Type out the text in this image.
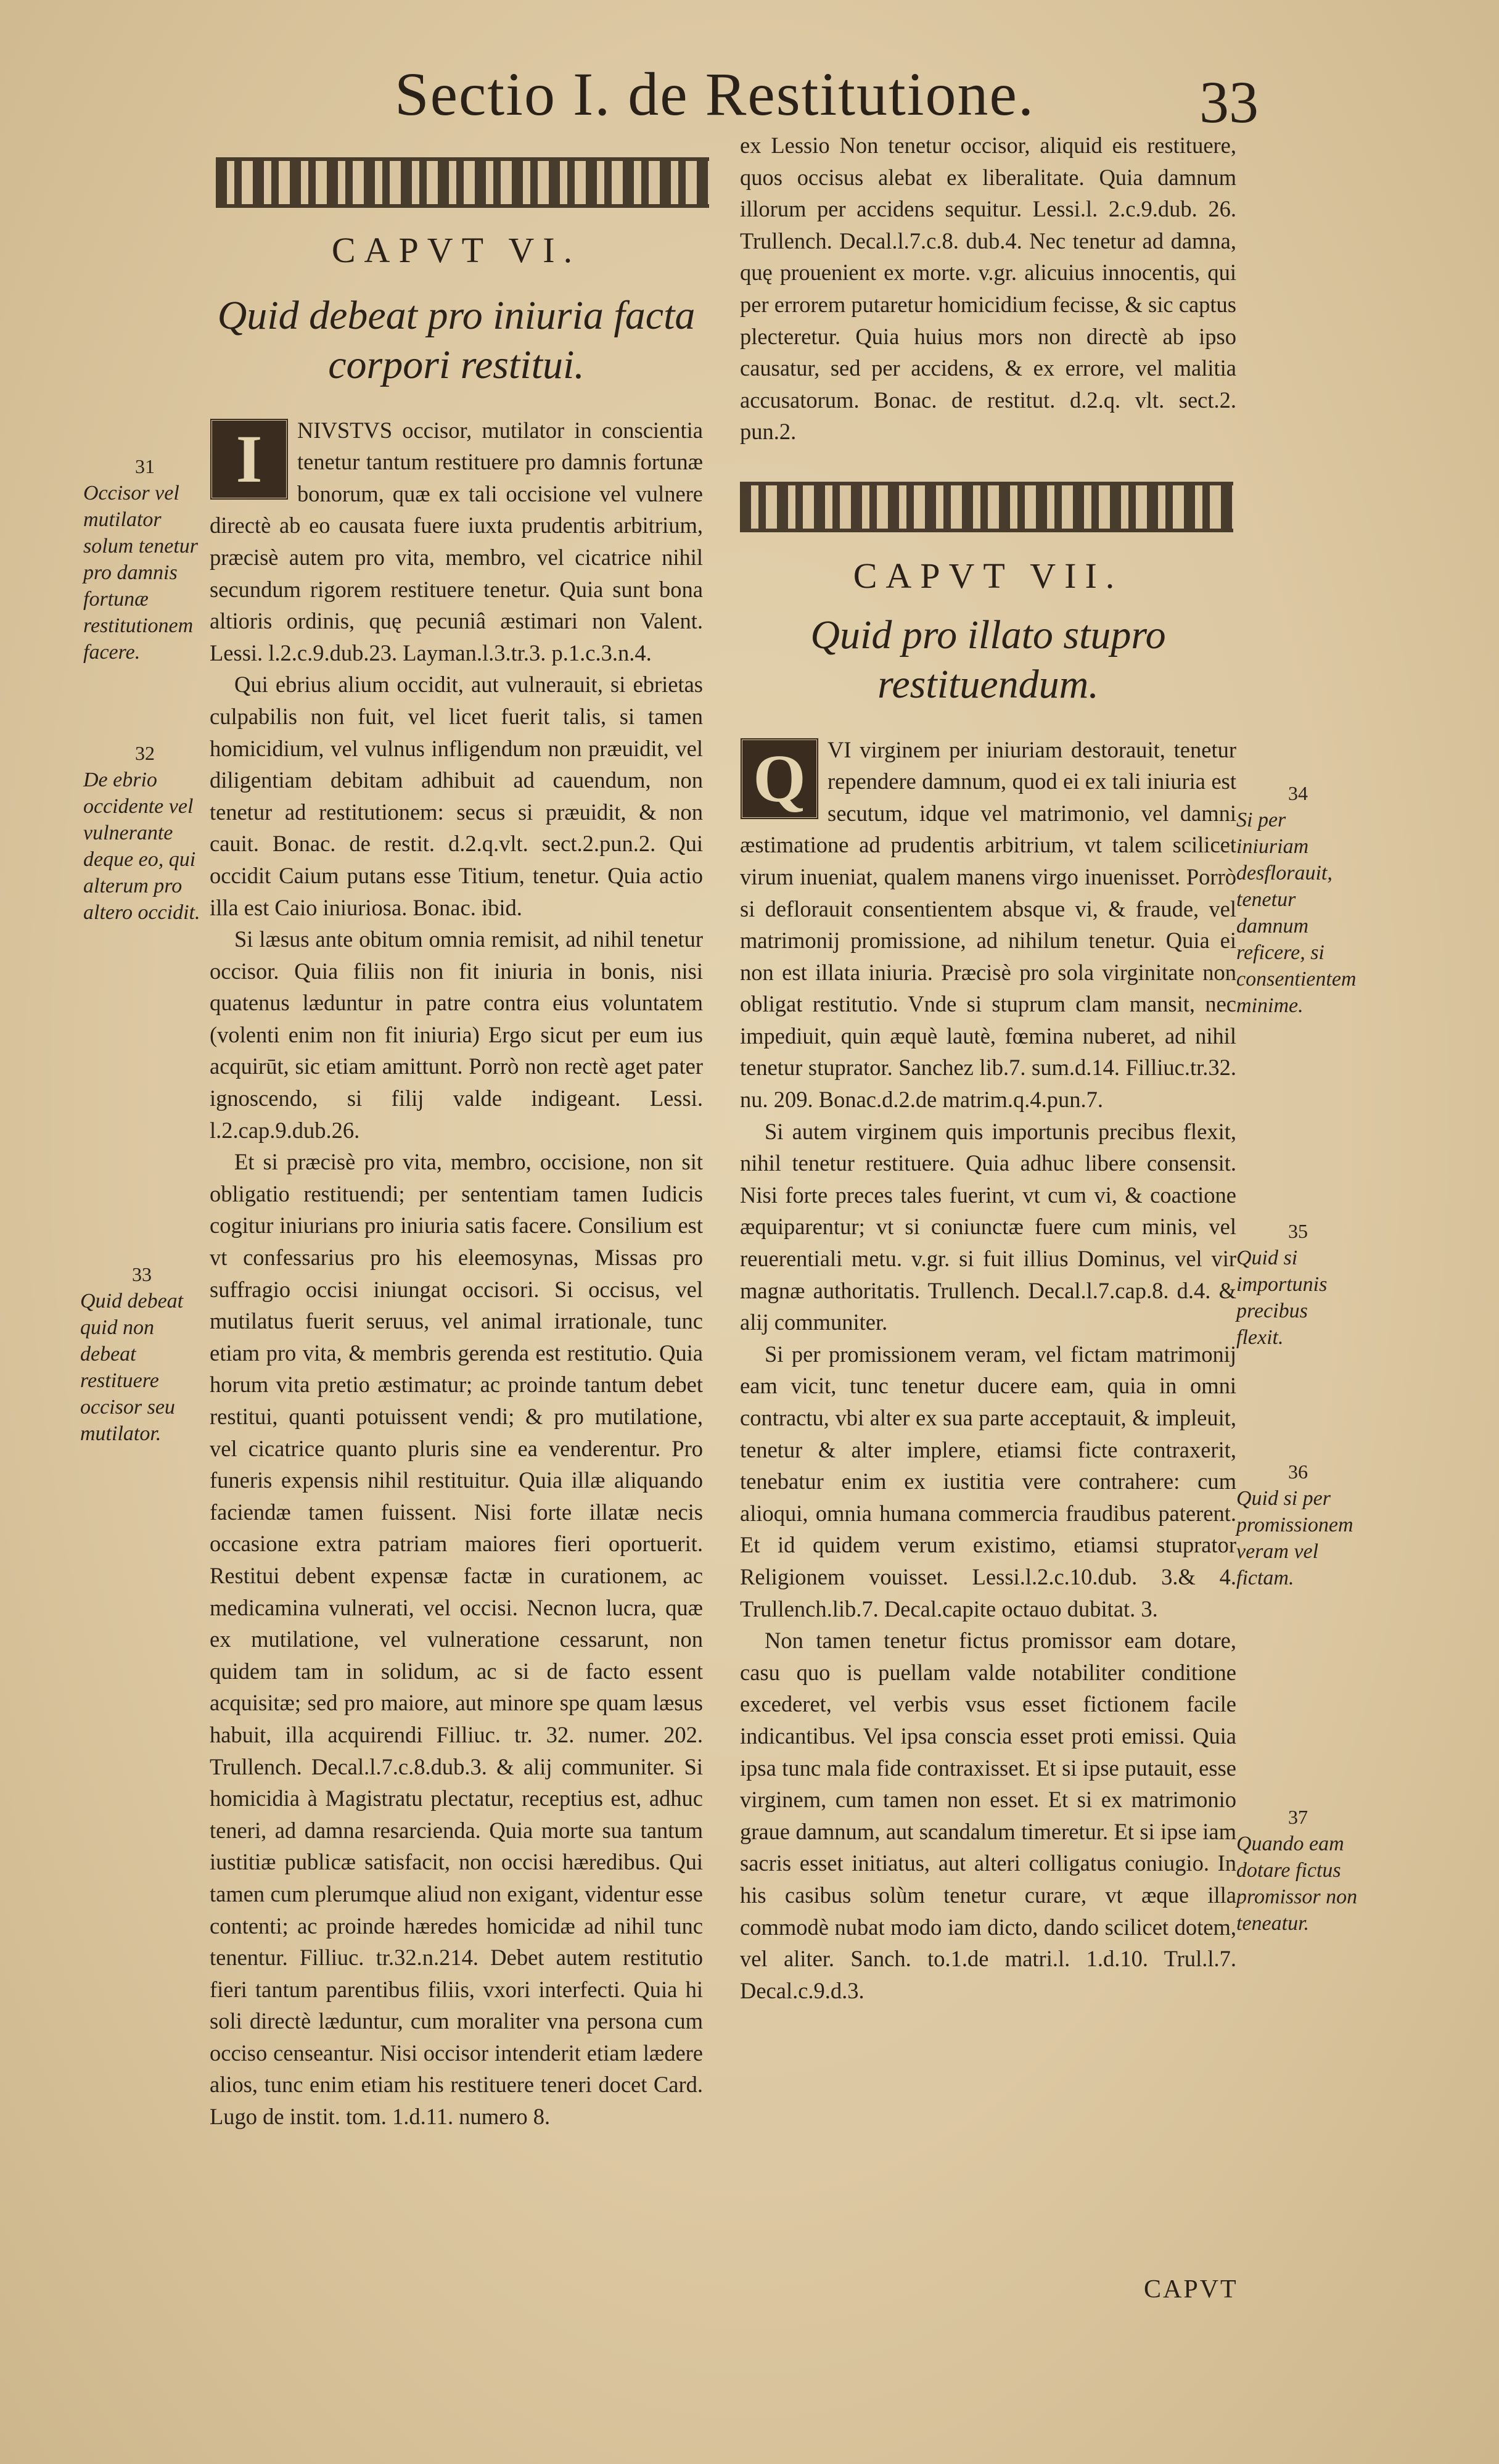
Sectio I. de Restitutione.	33

CAPVT VI.

Quid debeat pro iniuria facta corpori restitui.

I	NIVSTVS occisor, mutilator in conscientia tenetur tantum restituere pro damnis fortunæ bonorum, quæ ex tali occisione vel vulnere directè ab eo causata fuere iuxta prudentis arbitrium, præcisè autem pro vita, membro, vel cicatrice nihil secundum rigorem restituere tenetur. Quia sunt bona altioris ordinis, quę pecuniâ æstimari non Valent. Lessi. l.2.c.9.dub.23. Layman.l.3.tr.3. p.1.c.3.n.4.

Qui ebrius alium occidit, aut vulnerauit, si ebrietas culpabilis non fuit, vel licet fuerit talis, si tamen homicidium, vel vulnus infligendum non præuidit, vel diligentiam debitam adhibuit ad cauendum, non tenetur ad restitutionem: secus si præuidit, & non cauit. Bonac. de restit. d.2.q.vlt. sect.2.pun.2. Qui occidit Caium putans esse Titium, tenetur. Quia actio illa est Caio iniuriosa. Bonac. ibid.

Si læsus ante obitum omnia remisit, ad nihil tenetur occisor. Quia filiis non fit iniuria in bonis, nisi quatenus læduntur in patre contra eius voluntatem (volenti enim non fit iniuria) Ergo sicut per eum ius acquirūt, sic etiam amittunt. Porrò non rectè aget pater ignoscendo, si filij valde indigeant. Lessi. l.2.cap.9.dub.26.

Et si præcisè pro vita, membro, occisione, non sit obligatio restituendi; per sententiam tamen Iudicis cogitur iniurians pro iniuria satis facere. Consilium est vt confessarius pro his eleemosynas, Missas pro suffragio occisi iniungat occisori. Si occisus, vel mutilatus fuerit seruus, vel animal irrationale, tunc etiam pro vita, & membris gerenda est restitutio. Quia horum vita pretio æstimatur; ac proinde tantum debet restitui, quanti potuissent vendi; & pro mutilatione, vel cicatrice quanto pluris sine ea venderentur. Pro funeris expensis nihil restituitur. Quia illæ aliquando faciendæ tamen fuissent. Nisi forte illatæ necis occasione extra patriam maiores fieri oportuerit. Restitui debent expensæ factæ in curationem, ac medicamina vulnerati, vel occisi. Necnon lucra, quæ ex mutilatione, vel vulneratione cessarunt, non quidem tam in solidum, ac si de facto essent acquisitæ; sed pro maiore, aut minore spe quam læsus habuit, illa acquirendi Filliuc. tr. 32. numer. 202. Trullench. Decal.l.7.c.8.dub.3. & alij communiter. Si homicidia à Magistratu plectatur, receptius est, adhuc teneri, ad damna resarcienda. Quia morte sua tantum iustitiæ publicæ satisfacit, non occisi hæredibus. Qui tamen cum plerumque aliud non exigant, videntur esse contenti; ac proinde hæredes homicidæ ad nihil tunc tenentur. Filliuc. tr.32.n.214. Debet autem restitutio fieri tantum parentibus filiis, vxori interfecti. Quia hi soli directè læduntur, cum moraliter vna persona cum occiso censeantur. Nisi occisor intenderit etiam lædere alios, tunc enim etiam his restituere teneri docet Card. Lugo de instit. tom. 1.d.11. numero 8.

ex Lessio Non tenetur occisor, aliquid eis restituere, quos occisus alebat ex liberalitate. Quia damnum illorum per accidens sequitur. Lessi.l. 2.c.9.dub. 26. Trullench. Decal.l.7.c.8. dub.4. Nec tenetur ad damna, quę prouenient ex morte. v.gr. alicuius innocentis, qui per errorem putaretur homicidium fecisse, & sic captus plecteretur. Quia huius mors non directè ab ipso causatur, sed per accidens, & ex errore, vel malitia accusatorum. Bonac. de restitut. d.2.q. vlt. sect.2. pun.2.

CAPVT VII.

Quid pro illato stupro restituendum.

Q VI virginem per iniuriam destorauit, tenetur rependere damnum, quod ei ex tali iniuria est secutum, idque vel matrimonio, vel damni æstimatione ad prudentis arbitrium, vt talem scilicet virum inueniat, qualem manens virgo inuenisset. Porrò si deflorauit consentientem absque vi, & fraude, vel matrimonij promissione, ad nihilum tenetur. Quia ei non est illata iniuria. Præcisè pro sola virginitate non obligat restitutio. Vnde si stuprum clam mansit, nec impediuit, quin æquè lautè, fœmina nuberet, ad nihil tenetur stuprator. Sanchez lib.7. sum.d.14. Filliuc.tr.32. nu. 209. Bonac.d.2.de matrim.q.4.pun.7.

Si autem virginem quis importunis precibus flexit, nihil tenetur restituere. Quia adhuc libere consensit. Nisi forte preces tales fuerint, vt cum vi, & coactione æquiparentur; vt si coniunctæ fuere cum minis, vel reuerentiali metu. v.gr. si fuit illius Dominus, vel vir magnæ authoritatis. Trullench. Decal.l.7.cap.8. d.4. & alij communiter.

Si per promissionem veram, vel fictam matrimonij eam vicit, tunc tenetur ducere eam, quia in omni contractu, vbi alter ex sua parte acceptauit, & impleuit, tenetur & alter implere, etiamsi ficte contraxerit, tenebatur enim ex iustitia vere contrahere: cum alioqui, omnia humana commercia fraudibus paterent. Et id quidem verum existimo, etiamsi stuprator Religionem vouisset. Lessi.l.2.c.10.dub. 3.& 4. Trullench.lib.7. Decal.capite octauo dubitat. 3.

Non tamen tenetur fictus promissor eam dotare, casu quo is puellam valde notabiliter conditione excederet, vel verbis vsus esset fictionem facile indicantibus. Vel ipsa conscia esset proti emissi. Quia ipsa tunc mala fide contraxisset. Et si ipse putauit, esse virginem, cum tamen non esset. Et si ex matrimonio graue damnum, aut scandalum timeretur. Et si ipse iam sacris esset initiatus, aut alteri colligatus coniugio. In his casibus solùm tenetur curare, vt æque illa commodè nubat modo iam dicto, dando scilicet dotem, vel aliter. Sanch. to.1.de matri.l. 1.d.10. Trul.l.7. Decal.c.9.d.3.

31
Occisor vel mutilator solum tenetur pro damnis fortunæ restitutionem facere.
32
De ebrio occidente vel vulnerante deque eo, qui alterum pro altero occidit.
33
Quid debeat quid non debeat restituere occisor seu mutilator.
34
Si per iniuriam desflorauit, tenetur damnum reficere, si consentientem minime.
35
Quid si importunis precibus flexit.
36
Quid si per promissionem veram vel fictam.
37
Quando eam dotare fictus promissor non teneatur.
CAPVT
